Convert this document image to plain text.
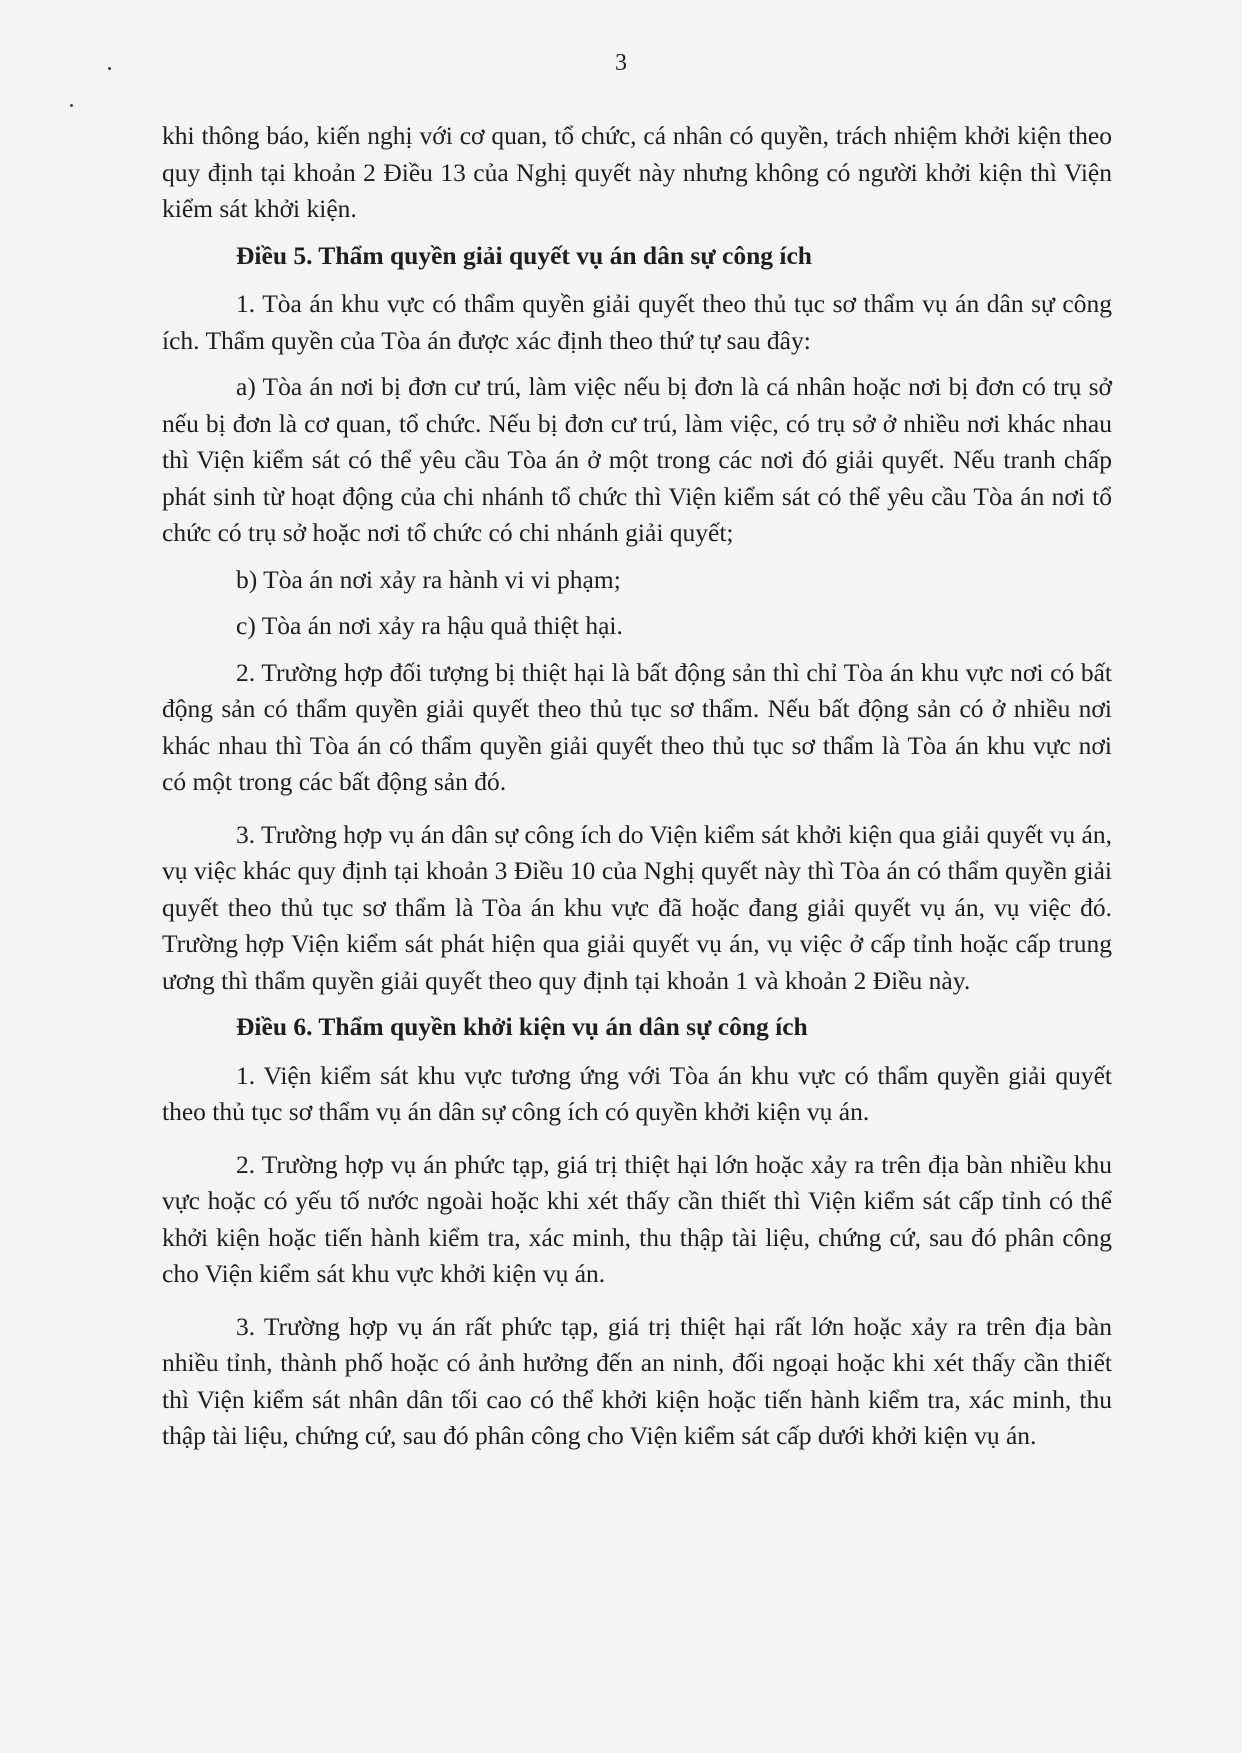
3

khi thông báo, kiến nghị với cơ quan, tổ chức, cá nhân có quyền, trách nhiệm khởi kiện theo quy định tại khoản 2 Điều 13 của Nghị quyết này nhưng không có người khởi kiện thì Viện kiểm sát khởi kiện.

Điều 5. Thẩm quyền giải quyết vụ án dân sự công ích

1. Tòa án khu vực có thẩm quyền giải quyết theo thủ tục sơ thẩm vụ án dân sự công ích. Thẩm quyền của Tòa án được xác định theo thứ tự sau đây:

a) Tòa án nơi bị đơn cư trú, làm việc nếu bị đơn là cá nhân hoặc nơi bị đơn có trụ sở nếu bị đơn là cơ quan, tổ chức. Nếu bị đơn cư trú, làm việc, có trụ sở ở nhiều nơi khác nhau thì Viện kiểm sát có thể yêu cầu Tòa án ở một trong các nơi đó giải quyết. Nếu tranh chấp phát sinh từ hoạt động của chi nhánh tổ chức thì Viện kiểm sát có thể yêu cầu Tòa án nơi tổ chức có trụ sở hoặc nơi tổ chức có chi nhánh giải quyết;

b) Tòa án nơi xảy ra hành vi vi phạm;

c) Tòa án nơi xảy ra hậu quả thiệt hại.

2. Trường hợp đối tượng bị thiệt hại là bất động sản thì chỉ Tòa án khu vực nơi có bất động sản có thẩm quyền giải quyết theo thủ tục sơ thẩm. Nếu bất động sản có ở nhiều nơi khác nhau thì Tòa án có thẩm quyền giải quyết theo thủ tục sơ thẩm là Tòa án khu vực nơi có một trong các bất động sản đó.

3. Trường hợp vụ án dân sự công ích do Viện kiểm sát khởi kiện qua giải quyết vụ án, vụ việc khác quy định tại khoản 3 Điều 10 của Nghị quyết này thì Tòa án có thẩm quyền giải quyết theo thủ tục sơ thẩm là Tòa án khu vực đã hoặc đang giải quyết vụ án, vụ việc đó. Trường hợp Viện kiểm sát phát hiện qua giải quyết vụ án, vụ việc ở cấp tỉnh hoặc cấp trung ương thì thẩm quyền giải quyết theo quy định tại khoản 1 và khoản 2 Điều này.

Điều 6. Thẩm quyền khởi kiện vụ án dân sự công ích

1. Viện kiểm sát khu vực tương ứng với Tòa án khu vực có thẩm quyền giải quyết theo thủ tục sơ thẩm vụ án dân sự công ích có quyền khởi kiện vụ án.

2. Trường hợp vụ án phức tạp, giá trị thiệt hại lớn hoặc xảy ra trên địa bàn nhiều khu vực hoặc có yếu tố nước ngoài hoặc khi xét thấy cần thiết thì Viện kiểm sát cấp tỉnh có thể khởi kiện hoặc tiến hành kiểm tra, xác minh, thu thập tài liệu, chứng cứ, sau đó phân công cho Viện kiểm sát khu vực khởi kiện vụ án.

3. Trường hợp vụ án rất phức tạp, giá trị thiệt hại rất lớn hoặc xảy ra trên địa bàn nhiều tỉnh, thành phố hoặc có ảnh hưởng đến an ninh, đối ngoại hoặc khi xét thấy cần thiết thì Viện kiểm sát nhân dân tối cao có thể khởi kiện hoặc tiến hành kiểm tra, xác minh, thu thập tài liệu, chứng cứ, sau đó phân công cho Viện kiểm sát cấp dưới khởi kiện vụ án.
